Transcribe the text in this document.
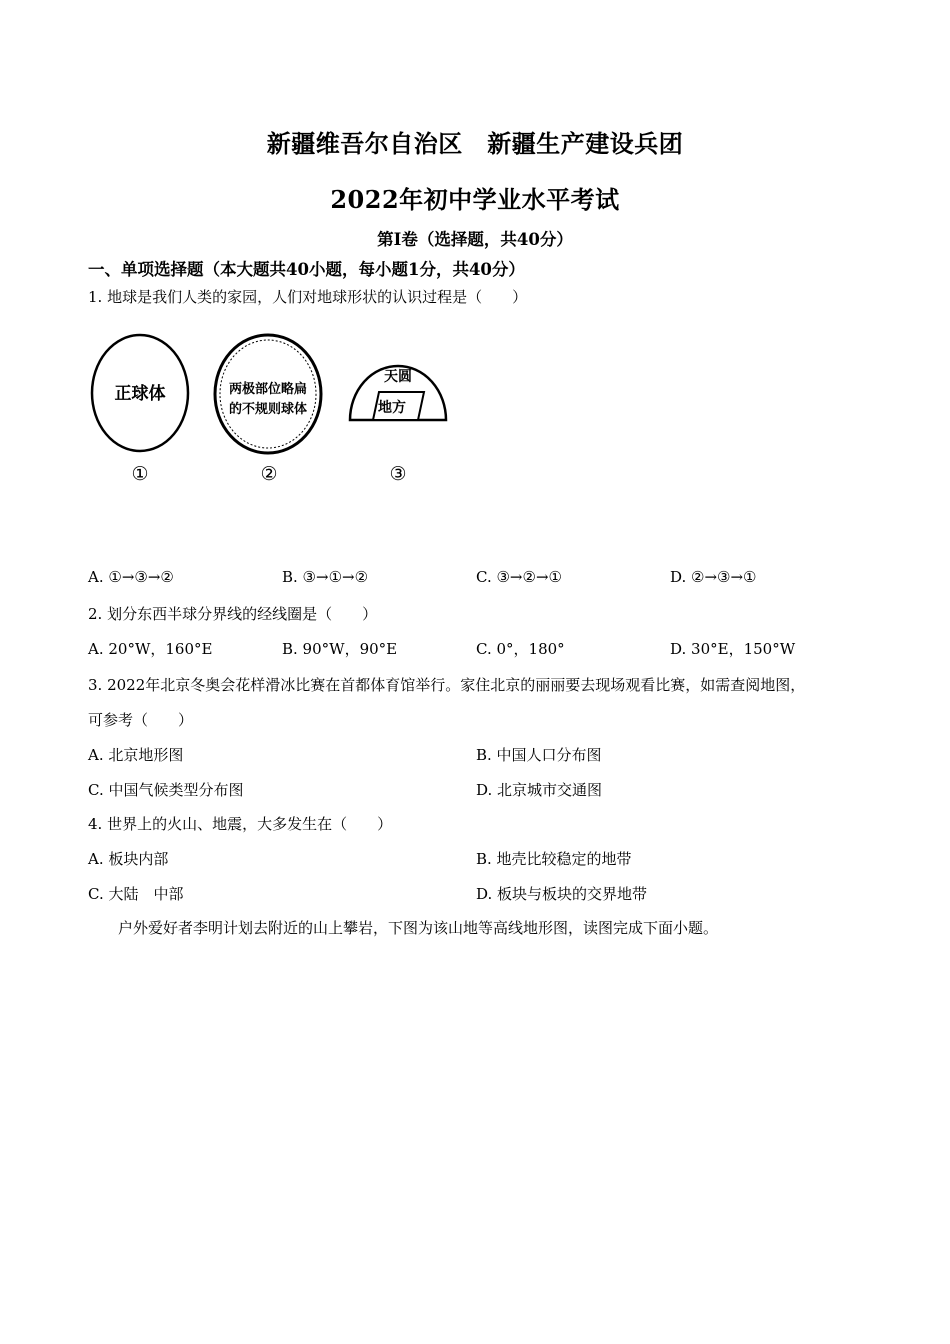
新疆维吾尔自治区　新疆生产建设兵团
2022年初中学业水平考试
第Ⅰ卷（选择题，共40分）
一、单项选择题（本大题共40小题，每小题1分，共40分）
1. 地球是我们人类的家园，人们对地球形状的认识过程是（　　）
正球体	两极部位略扁
的不规则球体
天圆
地方
①	②	③
A. ①→③→②	B. ③→①→②	C. ③→②→①	D. ②→③→①
2. 划分东西半球分界线的经线圈是（　　）
A. 20°W，160°E	B. 90°W，90°E	C. 0°，180°	D. 30°E，150°W
3. 2022年北京冬奥会花样滑冰比赛在首都体育馆举行。家住北京的丽丽要去现场观看比赛，如需查阅地图，
可参考（　　）
A. 北京地形图	B. 中国人口分布图
C. 中国气候类型分布图	D. 北京城市交通图
4. 世界上的火山、地震，大多发生在（　　）
A. 板块内部	B. 地壳比较稳定的地带
C. 大陆　中部	D. 板块与板块的交界地带
户外爱好者李明计划去附近的山上攀岩，下图为该山地等高线地形图，读图完成下面小题。
